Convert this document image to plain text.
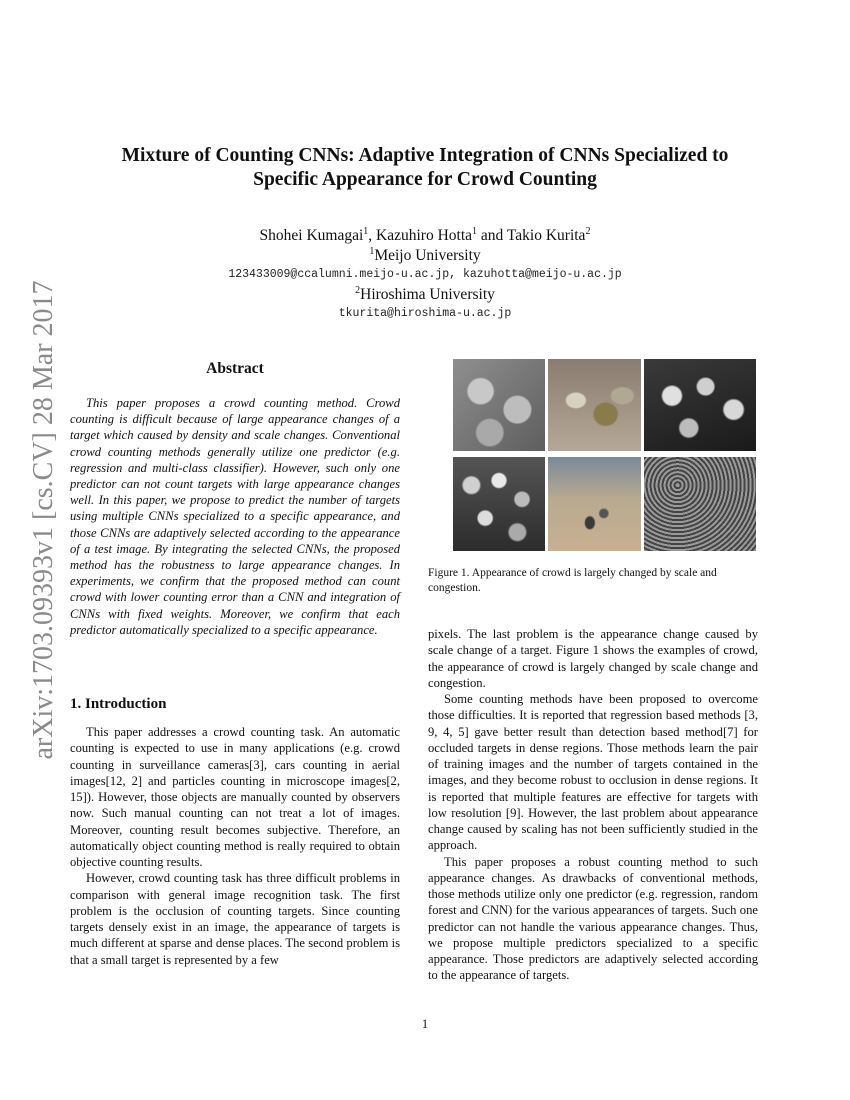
arXiv:1703.09393v1 [cs.CV] 28 Mar 2017
Mixture of Counting CNNs: Adaptive Integration of CNNs Specialized to
Specific Appearance for Crowd Counting
Shohei Kumagai$^1$, Kazuhiro Hotta$^1$ and Takio Kurita$^2$
$^1$Meijo University
123433009@ccalumni.meijo-u.ac.jp, kazuhotta@meijo-u.ac.jp
$^2$Hiroshima University
tkurita@hiroshima-u.ac.jp
Abstract

This paper proposes a crowd counting method. Crowd counting is difficult because of large appearance changes of a target which caused by density and scale changes. Conventional crowd counting methods generally utilize one predictor (e.g. regression and multi-class classifier). However, such only one predictor can not count targets with large appearance changes well. In this paper, we propose to predict the number of targets using multiple CNNs specialized to a specific appearance, and those CNNs are adaptively selected according to the appearance of a test image. By integrating the selected CNNs, the proposed method has the robustness to large appearance changes. In experiments, we confirm that the proposed method can count crowd with lower counting error than a CNN and integration of CNNs with fixed weights. Moreover, we confirm that each predictor automatically specialized to a specific appearance.

1. Introduction

This paper addresses a crowd counting task. An automatic counting is expected to use in many applications (e.g. crowd counting in surveillance cameras[3], cars counting in aerial images[12, 2] and particles counting in microscope images[2, 15]). However, those objects are manually counted by observers now. Such manual counting can not treat a lot of images. Moreover, counting result becomes subjective. Therefore, an automatically object counting method is really required to obtain objective counting results.

However, crowd counting task has three difficult problems in comparison with general image recognition task. The first problem is the occlusion of counting targets. Since counting targets densely exist in an image, the appearance of targets is much different at sparse and dense places. The second problem is that a small target is represented by a few

Figure 1. Appearance of crowd is largely changed by scale and congestion.

pixels. The last problem is the appearance change caused by scale change of a target. Figure 1 shows the examples of crowd, the appearance of crowd is largely changed by scale change and congestion.

Some counting methods have been proposed to overcome those difficulties. It is reported that regression based methods [3, 9, 4, 5] gave better result than detection based method[7] for occluded targets in dense regions. Those methods learn the pair of training images and the number of targets contained in the images, and they become robust to occlusion in dense regions. It is reported that multiple features are effective for targets with low resolution [9]. However, the last problem about appearance change caused by scaling has not been sufficiently studied in the approach.

This paper proposes a robust counting method to such appearance changes. As drawbacks of conventional methods, those methods utilize only one predictor (e.g. regression, random forest and CNN) for the various appearances of targets. Such one predictor can not handle the various appearance changes. Thus, we propose multiple predictors specialized to a specific appearance. Those predictors are adaptively selected according to the appearance of targets.

1
